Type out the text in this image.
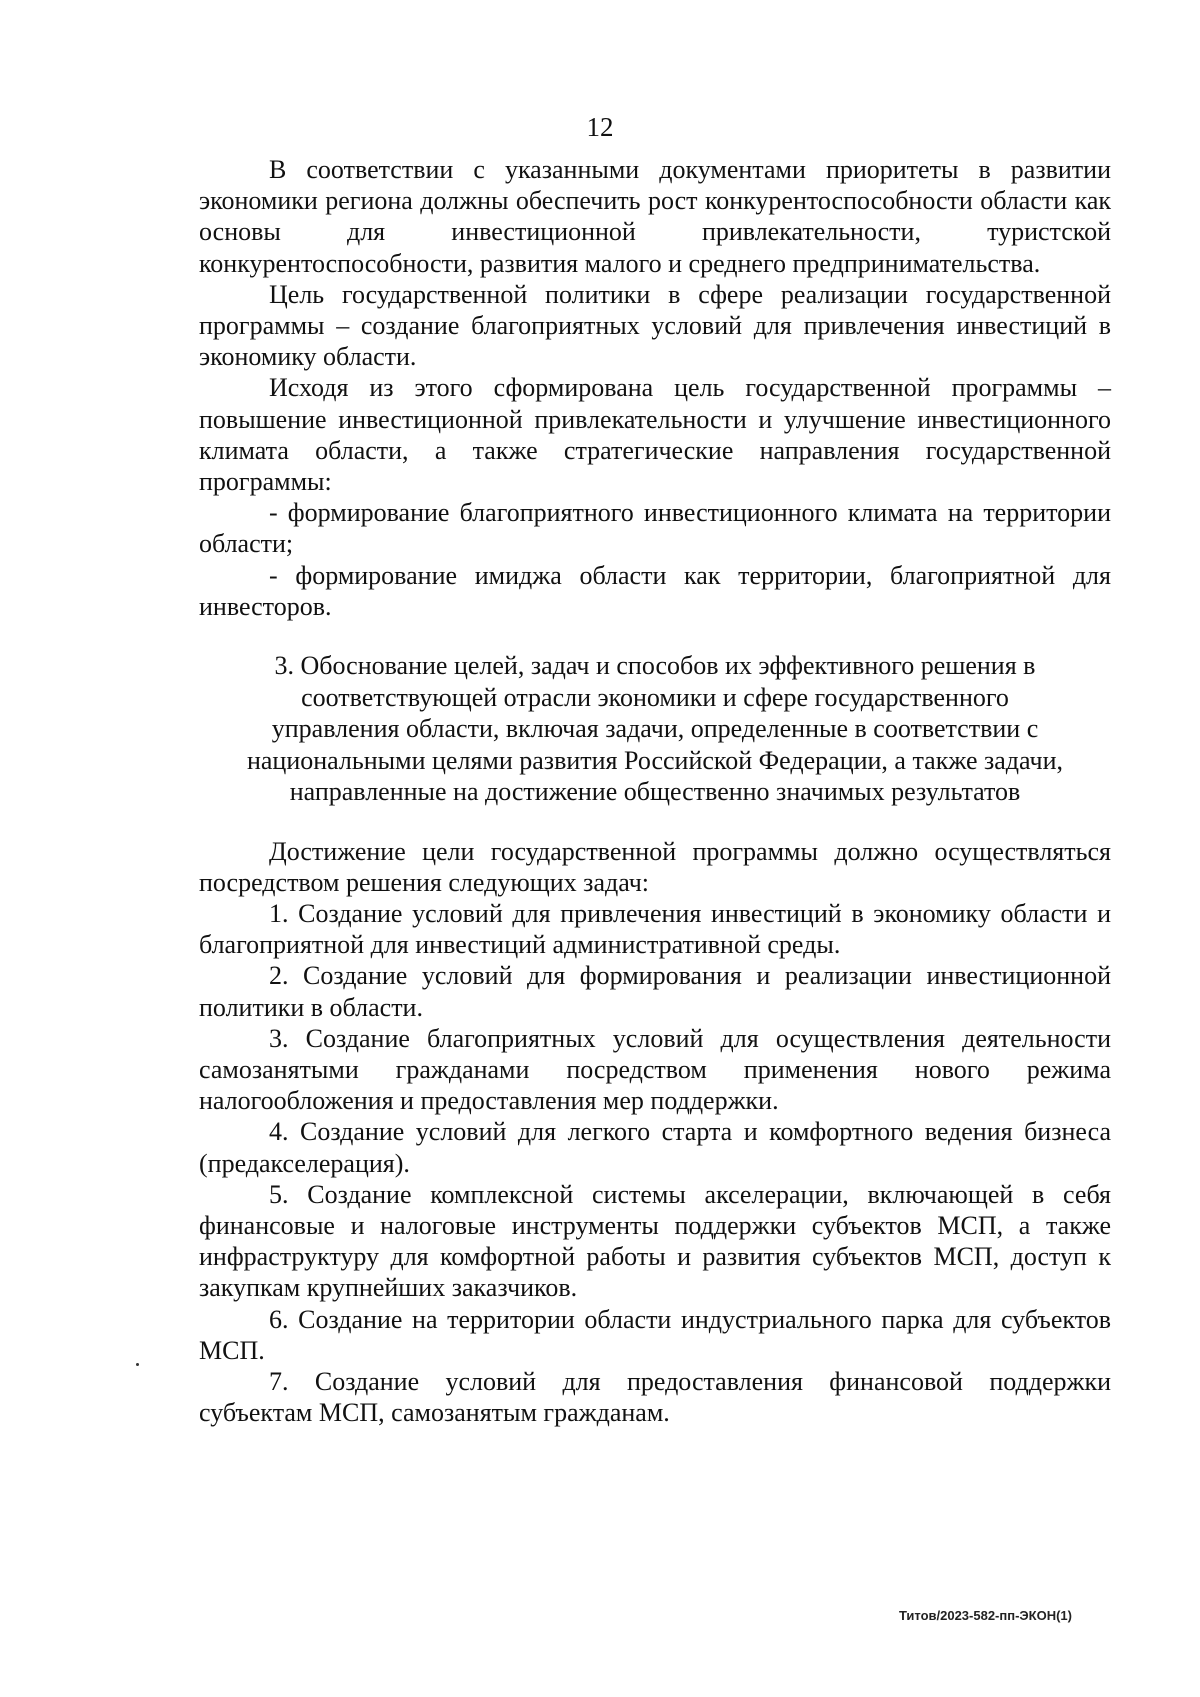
12

В соответствии с указанными документами приоритеты в развитии экономики региона должны обеспечить рост конкурентоспособности области как основы для инвестиционной привлекательности, туристской конкурентоспособности, развития малого и среднего предпринимательства.

Цель государственной политики в сфере реализации государственной программы – создание благоприятных условий для привлечения инвестиций в экономику области.

Исходя из этого сформирована цель государственной программы – повышение инвестиционной привлекательности и улучшение инвестиционного климата области, а также стратегические направления государственной программы:

- формирование благоприятного инвестиционного климата на территории области;

- формирование имиджа области как территории, благоприятной для инвесторов.

3. Обоснование целей, задач и способов их эффективного решения в
соответствующей отрасли экономики и сфере государственного
управления области, включая задачи, определенные в соответствии с
национальными целями развития Российской Федерации, а также задачи,
направленные на достижение общественно значимых результатов

Достижение цели государственной программы должно осуществляться посредством решения следующих задач:

1. Создание условий для привлечения инвестиций в экономику области и благоприятной для инвестиций административной среды.

2. Создание условий для формирования и реализации инвестиционной политики в области.

3. Создание благоприятных условий для осуществления деятельности самозанятыми гражданами посредством применения нового режима налогообложения и предоставления мер поддержки.

4. Создание условий для легкого старта и комфортного ведения бизнеса (предакселерация).

5. Создание комплексной системы акселерации, включающей в себя финансовые и налоговые инструменты поддержки субъектов МСП, а также инфраструктуру для комфортной работы и развития субъектов МСП, доступ к закупкам крупнейших заказчиков.

6. Создание на территории области индустриального парка для субъектов МСП.

7. Создание условий для предоставления финансовой поддержки субъектам МСП, самозанятым гражданам.

Титов/2023-582-пп-ЭКОН(1)
